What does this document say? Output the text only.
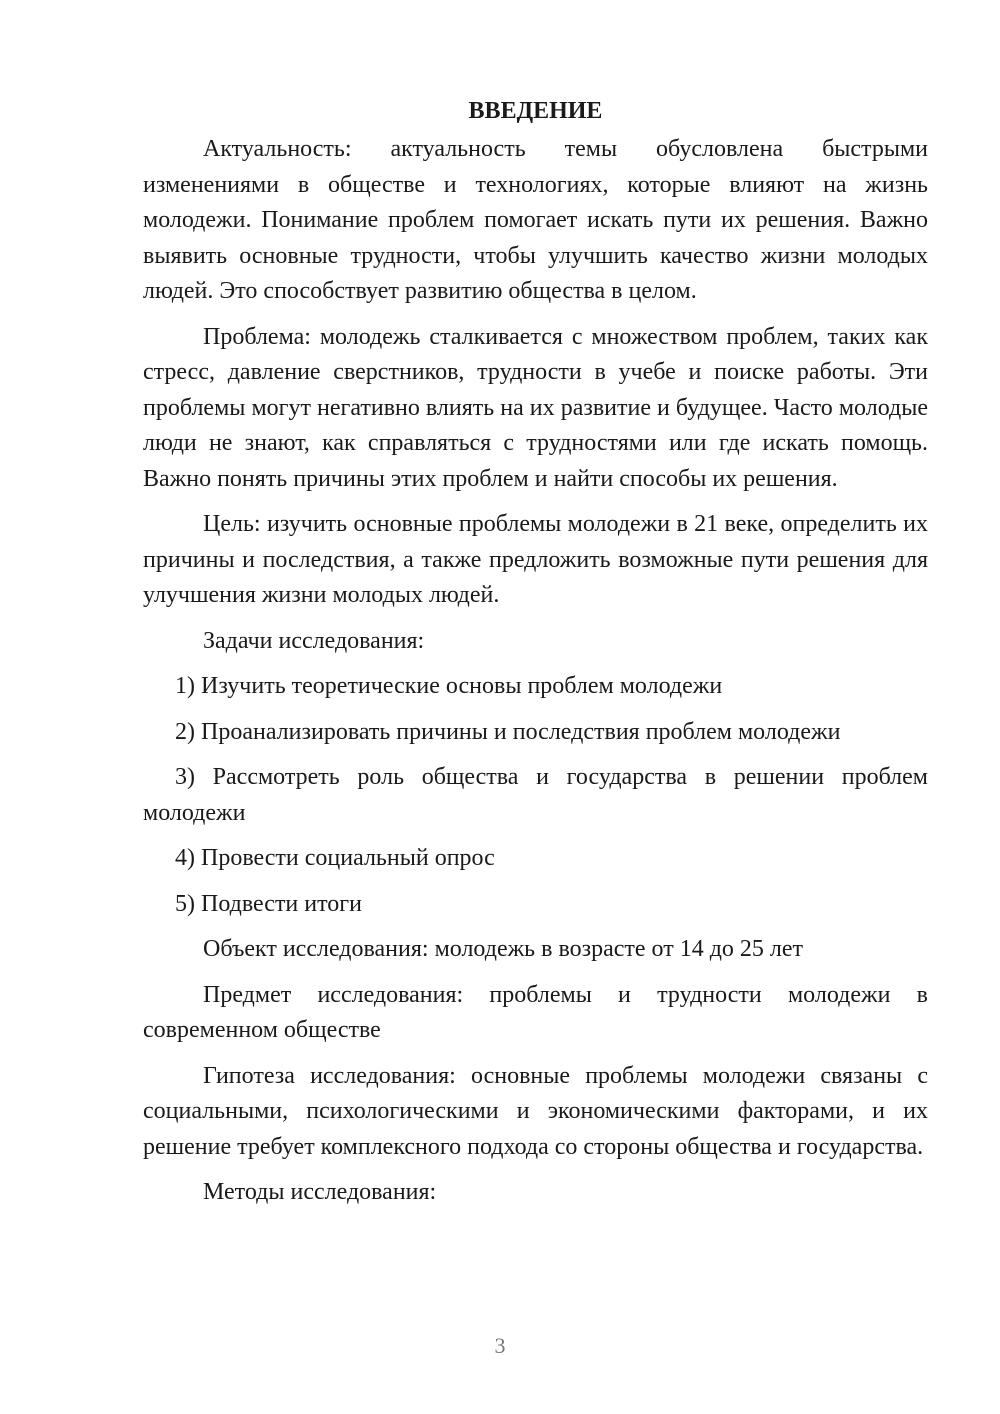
ВВЕДЕНИЕ

Актуальность: актуальность темы обусловлена быстрыми изменениями в обществе и технологиях, которые влияют на жизнь молодежи. Понимание проблем помогает искать пути их решения. Важно выявить основные трудности, чтобы улучшить качество жизни молодых людей. Это способствует развитию общества в целом.

Проблема: молодежь сталкивается с множеством проблем, таких как стресс, давление сверстников, трудности в учебе и поиске работы. Эти проблемы могут негативно влиять на их развитие и будущее. Часто молодые люди не знают, как справляться с трудностями или где искать помощь. Важно понять причины этих проблем и найти способы их решения.

Цель: изучить основные проблемы молодежи в 21 веке, определить их причины и последствия, а также предложить возможные пути решения для улучшения жизни молодых людей.

Задачи исследования:

1) Изучить теоретические основы проблем молодежи

2) Проанализировать причины и последствия проблем молодежи

3) Рассмотреть роль общества и государства в решении проблем молодежи

4) Провести социальный опрос

5) Подвести итоги

Объект исследования: молодежь в возрасте от 14 до 25 лет

Предмет исследования: проблемы и трудности молодежи в современном обществе

Гипотеза исследования: основные проблемы молодежи связаны с социальными, психологическими и экономическими факторами, и их решение требует комплексного подхода со стороны общества и государства.

Методы исследования:

3
